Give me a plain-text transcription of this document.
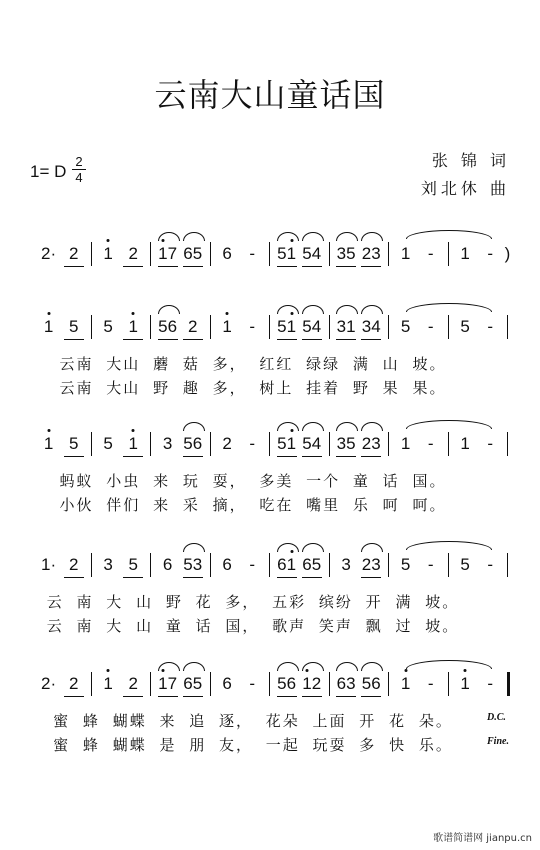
云南大山童话国
1= D
2
4
张 锦 词
刘北休 曲
2· 2 1 2 17 65 6 - 51 54 35 23 1 - 1 - )
1 5 5 1 56 2 1 - 51 54 31 34 5 - 5 -
1 5 5 1 3 56 2 - 51 54 35 23 1 - 1 -
1· 2 3 5 6 53 6 - 61 65 3 23 5 - 5 -
2· 2 1 2 17 65 6 - 56 12 63 56 1 - 1 -
D.C.
Fine.
歌谱简谱网 jianpu.cn
云南 大山 蘑 菇 多， 红红 绿绿 满 山 坡。
云南 大山 野 趣 多， 树上 挂着 野 果 果。
蚂蚁 小虫 来 玩 耍， 多美 一个 童 话 国。
小伙 伴们 来 采 摘， 吃在 嘴里 乐 呵 呵。
云 南 大 山 野 花 多， 五彩 缤纷 开 满 坡。
云 南 大 山 童 话 国， 歌声 笑声 飘 过 坡。
蜜 蜂 蝴蝶 来 追 逐， 花朵 上面 开 花 朵。
蜜 蜂 蝴蝶 是 朋 友， 一起 玩耍 多 快 乐。
